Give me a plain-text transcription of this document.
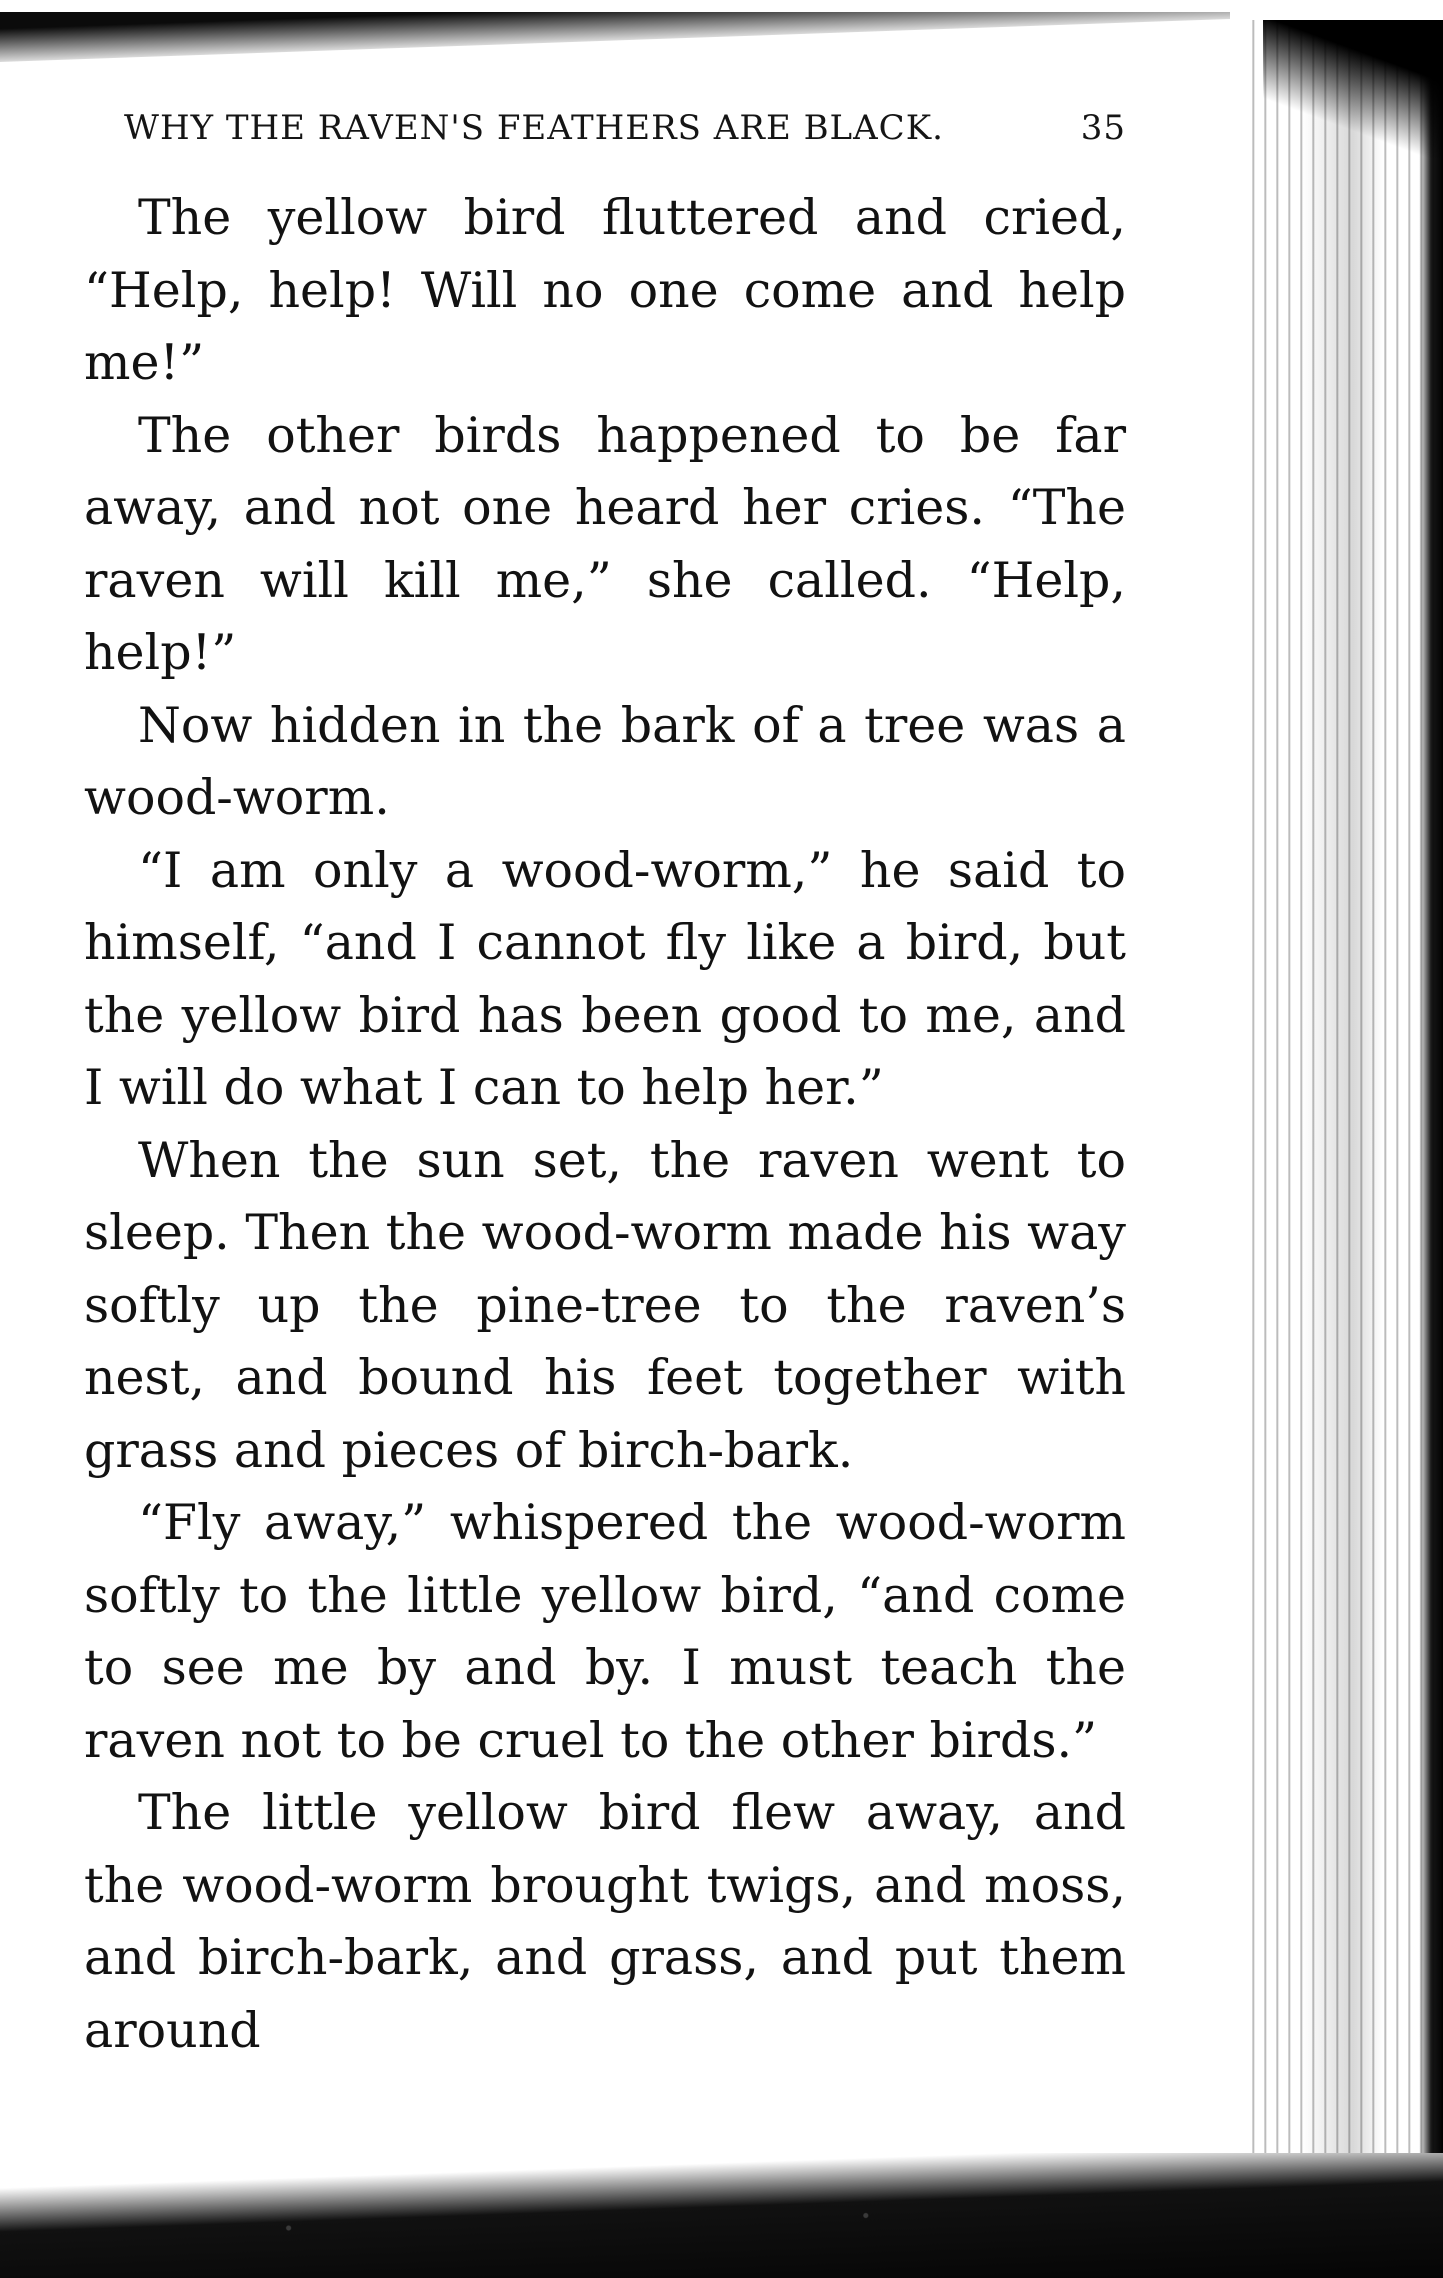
WHY THE RAVEN'S FEATHERS ARE BLACK.	35

The yellow bird fluttered and cried, “Help, help! Will no one come and help me!”

The other birds happened to be far away, and not one heard her cries. “The raven will kill me,” she called. “Help, help!”

Now hidden in the bark of a tree was a wood-worm.

“I am only a wood-worm,” he said to himself, “and I cannot fly like a bird, but the yellow bird has been good to me, and I will do what I can to help her.”

When the sun set, the raven went to sleep. Then the wood-worm made his way softly up the pine-tree to the raven’s nest, and bound his feet together with grass and pieces of birch-bark.

“Fly away,” whispered the wood-worm softly to the little yellow bird, “and come to see me by and by. I must teach the raven not to be cruel to the other birds.”

The little yellow bird flew away, and the wood-worm brought twigs, and moss, and birch-bark, and grass, and put them around
